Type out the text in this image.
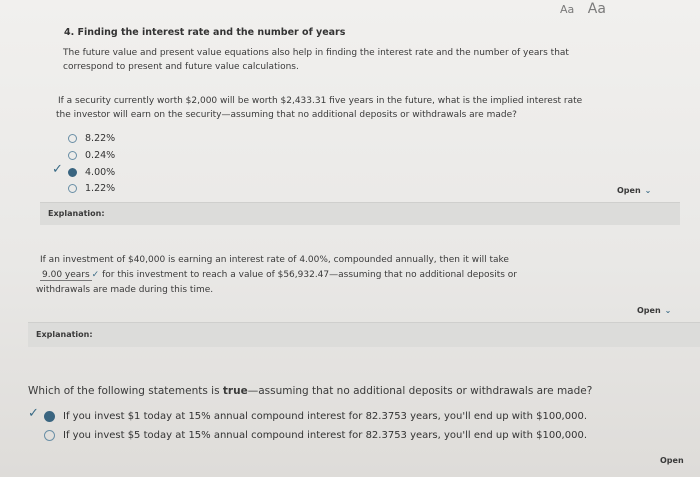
Aa Aa
4. Finding the interest rate and the number of years
The future value and present value equations also help in finding the interest rate and the number of years that
correspond to present and future value calculations.
If a security currently worth $2,000 will be worth $2,433.31 five years in the future, what is the implied interest rate
the investor will earn on the security—assuming that no additional deposits or withdrawals are made?
8.22%
0.24%
✓ 4.00%
1.22%	Open ⌄
Explanation:
If an investment of $40,000 is earning an interest rate of 4.00%, compounded annually, then it will take
9.00 years ✓ for this investment to reach a value of $56,932.47—assuming that no additional deposits or
withdrawals are made during this time.
Open ⌄
Explanation:
Which of the following statements is true—assuming that no additional deposits or withdrawals are made?
✓ If you invest $1 today at 15% annual compound interest for 82.3753 years, you'll end up with $100,000.
If you invest $5 today at 15% annual compound interest for 82.3753 years, you'll end up with $100,000.
Open
